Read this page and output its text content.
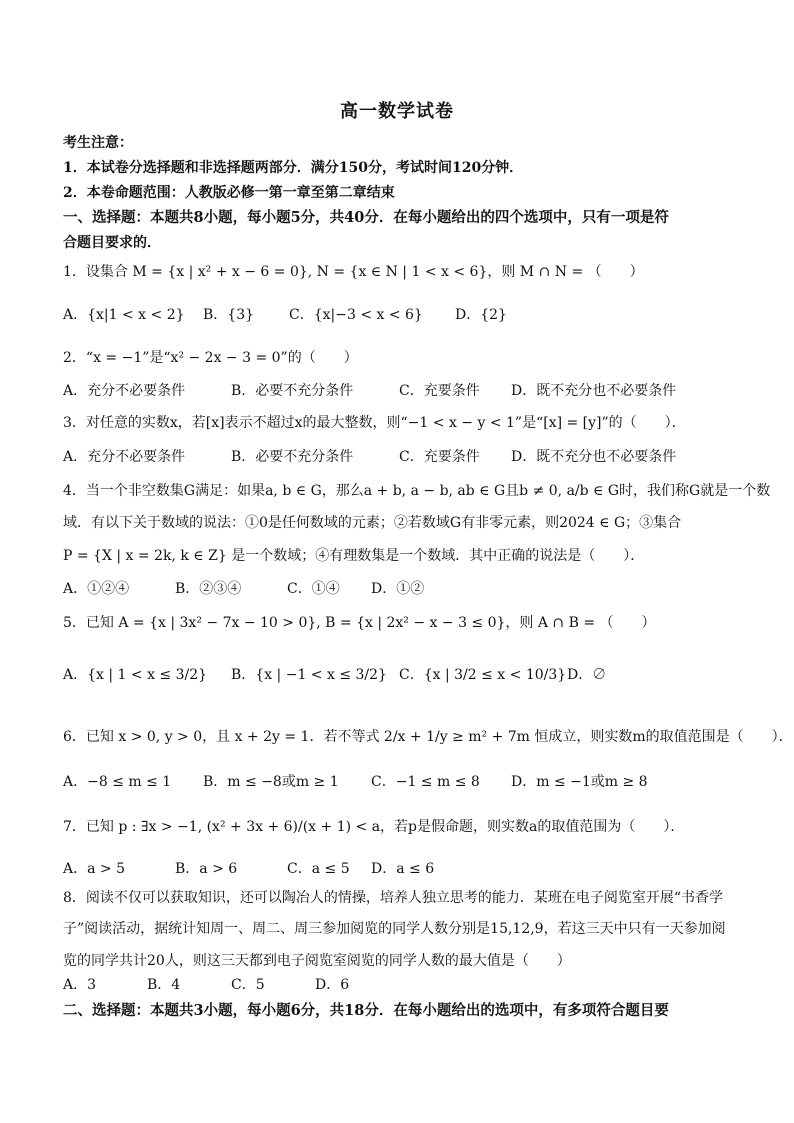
高一数学试卷
考生注意：
1．本试卷分选择题和非选择题两部分．满分150分，考试时间120分钟．
2．本卷命题范围：人教版必修一第一章至第二章结束
一、选择题：本题共8小题，每小题5分，共40分．在每小题给出的四个选项中，只有一项是符
合题目要求的．
1．设集合 M = {x | x² + x − 6 = 0}, N = {x ∈ N | 1 < x < 6}，则 M ∩ N = （　　）
A．{x|1 < x < 2} B．{3} C．{x|−3 < x < 6} D．{2}
2．“x = −1”是“x² − 2x − 3 = 0”的（　　）
A．充分不必要条件	B．必要不充分条件	C．充要条件 D．既不充分也不必要条件
3．对任意的实数x，若[x]表示不超过x的最大整数，则“−1 < x − y < 1”是“[x] = [y]”的（　　）．
A．充分不必要条件	B．必要不充分条件	C．充要条件 D．既不充分也不必要条件
4．当一个非空数集G满足：如果a, b ∈ G，那么a + b, a − b, ab ∈ G且b ≠ 0, a/b ∈ G时，我们称G就是一个数
域．有以下关于数域的说法：①0是任何数域的元素；②若数域G有非零元素，则2024 ∈ G；③集合
P = {X | x = 2k, k ∈ Z} 是一个数域；④有理数集是一个数域．其中正确的说法是（　　）．
A．①②④	B．②③④	C．①④ D．①②
5．已知 A = {x | 3x² − 7x − 10 > 0}, B = {x | 2x² − x − 3 ≤ 0}，则 A ∩ B = （　　）
A．{x | 1 < x ≤ 3/2} B．{x | −1 < x ≤ 3/2} C．{x | 3/2 ≤ x < 10/3} D．∅
6．已知 x > 0, y > 0，且 x + 2y = 1．若不等式 2/x + 1/y ≥ m² + 7m 恒成立，则实数m的取值范围是（　　）．
A．−8 ≤ m ≤ 1 B．m ≤ −8或m ≥ 1 C．−1 ≤ m ≤ 8 D．m ≤ −1或m ≥ 8
7．已知 p : ∃x > −1, (x² + 3x + 6)/(x + 1) < a，若p是假命题，则实数a的取值范围为（　　）．
A．a > 5	B．a > 6	C．a ≤ 5 D．a ≤ 6
8．阅读不仅可以获取知识，还可以陶冶人的情操，培养人独立思考的能力．某班在电子阅览室开展“书香学
子”阅读活动，据统计知周一、周二、周三参加阅览的同学人数分别是15,12,9，若这三天中只有一天参加阅
览的同学共计20人，则这三天都到电子阅览室阅览的同学人数的最大值是（　　）
A．3	B．4	C．5	D．6
二、选择题：本题共3小题，每小题6分，共18分．在每小题给出的选项中，有多项符合题目要
